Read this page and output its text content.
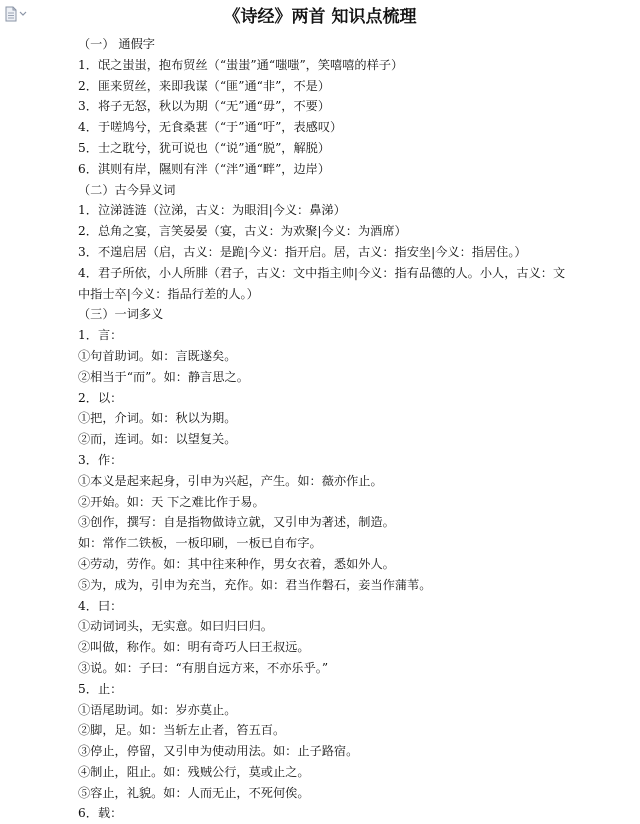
《诗经》两首 知识点梳理
（一） 通假字
1．氓之蚩蚩，抱布贸丝（“蚩蚩”通“嗤嗤”，笑嘻嘻的样子）
2．匪来贸丝，来即我谋（“匪”通“非”，不是）
3．将子无怒，秋以为期（“无”通“毋”，不要）
4．于嗟鸠兮，无食桑葚（“于”通“吁”，表感叹）
5．士之耽兮，犹可说也（“说”通“脱”，解脱）
6．淇则有岸，隰则有泮（“泮”通“畔”，边岸）
（二）古今异义词
1．泣涕涟涟（泣涕，古义：为眼泪|今义：鼻涕）
2．总角之宴，言笑晏晏（宴，古义：为欢聚|今义：为酒席）
3．不遑启居（启，古义：是跪|今义：指开启。居，古义：指安坐|今义：指居住。）
4．君子所依，小人所腓（君子，古义：文中指主帅|今义：指有品德的人。小人，古义：文
中指士卒|今义：指品行差的人。）
（三）一词多义
1．言：
①句首助词。如：言既遂矣。
②相当于“而”。如：静言思之。
2．以：
①把，介词。如：秋以为期。
②而，连词。如：以望复关。
3．作：
①本义是起来起身，引申为兴起，产生。如：薇亦作止。
②开始。如：天 下之难比作于易。
③创作，撰写：自是指物做诗立就，又引申为著述，制造。
如：常作二铁板，一板印刷，一板已自布字。
④劳动，劳作。如：其中往来种作，男女衣着，悉如外人。
⑤为，成为，引申为充当，充作。如：君当作磐石，妾当作蒲苇。
4．曰：
①动词词头，无实意。如曰归曰归。
②叫做，称作。如：明有奇巧人曰王叔远。
③说。如：子曰：“有朋自远方来，不亦乐乎。”
5．止：
①语尾助词。如：岁亦莫止。
②脚，足。如：当斩左止者，笞五百。
③停止，停留，又引申为使动用法。如：止子路宿。
④制止，阻止。如：残贼公行，莫或止之。
⑤容止，礼貌。如：人而无止，不死何俟。
6．载：
